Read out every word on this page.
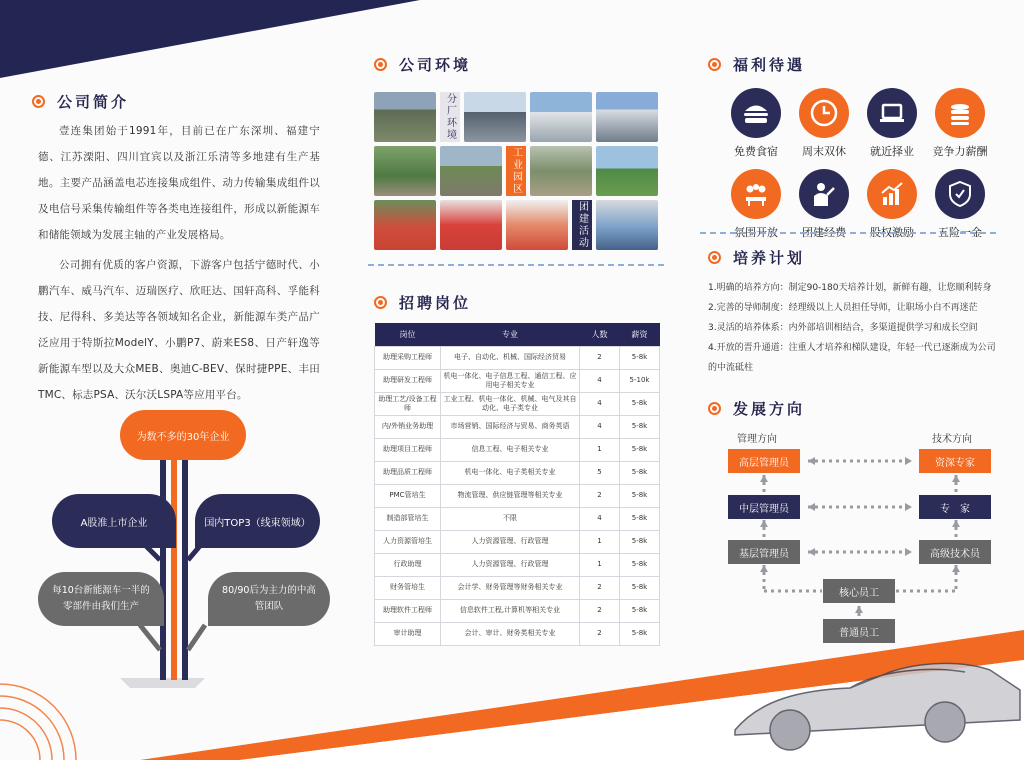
公司简介

壹连集团始于1991年，目前已在广东深圳、福建宁德、江苏溧阳、四川宜宾以及浙江乐清等多地建有生产基地。主要产品涵盖电芯连接集成组件、动力传输集成组件以及电信号采集传输组件等各类电连接组件，形成以新能源车和储能领域为发展主轴的产业发展格局。

公司拥有优质的客户资源，下游客户包括宁德时代、小鹏汽车、威马汽车、迈瑞医疗、欣旺达、国轩高科、孚能科技、尼得科、多美达等各领域知名企业，新能源车类产品广泛应用于特斯拉ModelY、小鹏P7、蔚来ES8、日产轩逸等新能源车型以及大众MEB、奥迪C-BEV、保时捷PPE、丰田TMC、标志PSA、沃尔沃LSPA等应用平台。

为数不多的30年企业
A股准上市企业	国内TOP3（线束领域）
每10台新能源车一半的零部件由我们生产
80/90后为主力的中高管团队
公司环境
分厂环境
工业园区
团建活动
招聘岗位
岗位	专业	人数	薪资
助理采购工程师	电子、自动化、机械、国际经济贸易	2	5-8k
助理研发工程师	机电一体化、电子信息工程、通信工程、应用电子相关专业	4	5-10k
助理工艺/设备工程师	工业工程、机电一体化、机械、电气及其自动化、电子类专业	4	5-8k
内/外销业务助理	市场营销、国际经济与贸易、商务英语	4	5-8k
助理项目工程师	信息工程、电子相关专业	1	5-8k
助理品质工程师	机电一体化、电子类相关专业	5	5-8k
PMC管培生	物流管理、供应链管理等相关专业	2	5-8k
制造部管培生	不限	4	5-8k
人力资源管培生	人力资源管理、行政管理	1	5-8k
行政助理	人力资源管理、行政管理	1	5-8k
财务管培生	会计学、财务管理等财务相关专业	2	5-8k
助理软件工程师	信息软件工程,计算机等相关专业	2	5-8k
审计助理	会计、审计、财务类相关专业	2	5-8k
福利待遇
免费食宿 周末双休 就近择业 竞争力薪酬
氛围开放 团建经费 股权激励 五险一金
培养计划

1.明确的培养方向：制定90-180天培养计划，新鲜有趣，让您顺利转身

2.完善的导师制度：经理级以上人员担任导师，让职场小白不再迷茫

3.灵活的培养体系：内外部培训相结合，多渠道提供学习和成长空间

4.开放的晋升通道：注重人才培养和梯队建设，年轻一代已逐渐成为公司的中流砥柱

发展方向
管理方向	技术方向
高层管理员
中层管理员
基层管理员
资深专家
专　家
高级技术员
核心员工
普通员工
